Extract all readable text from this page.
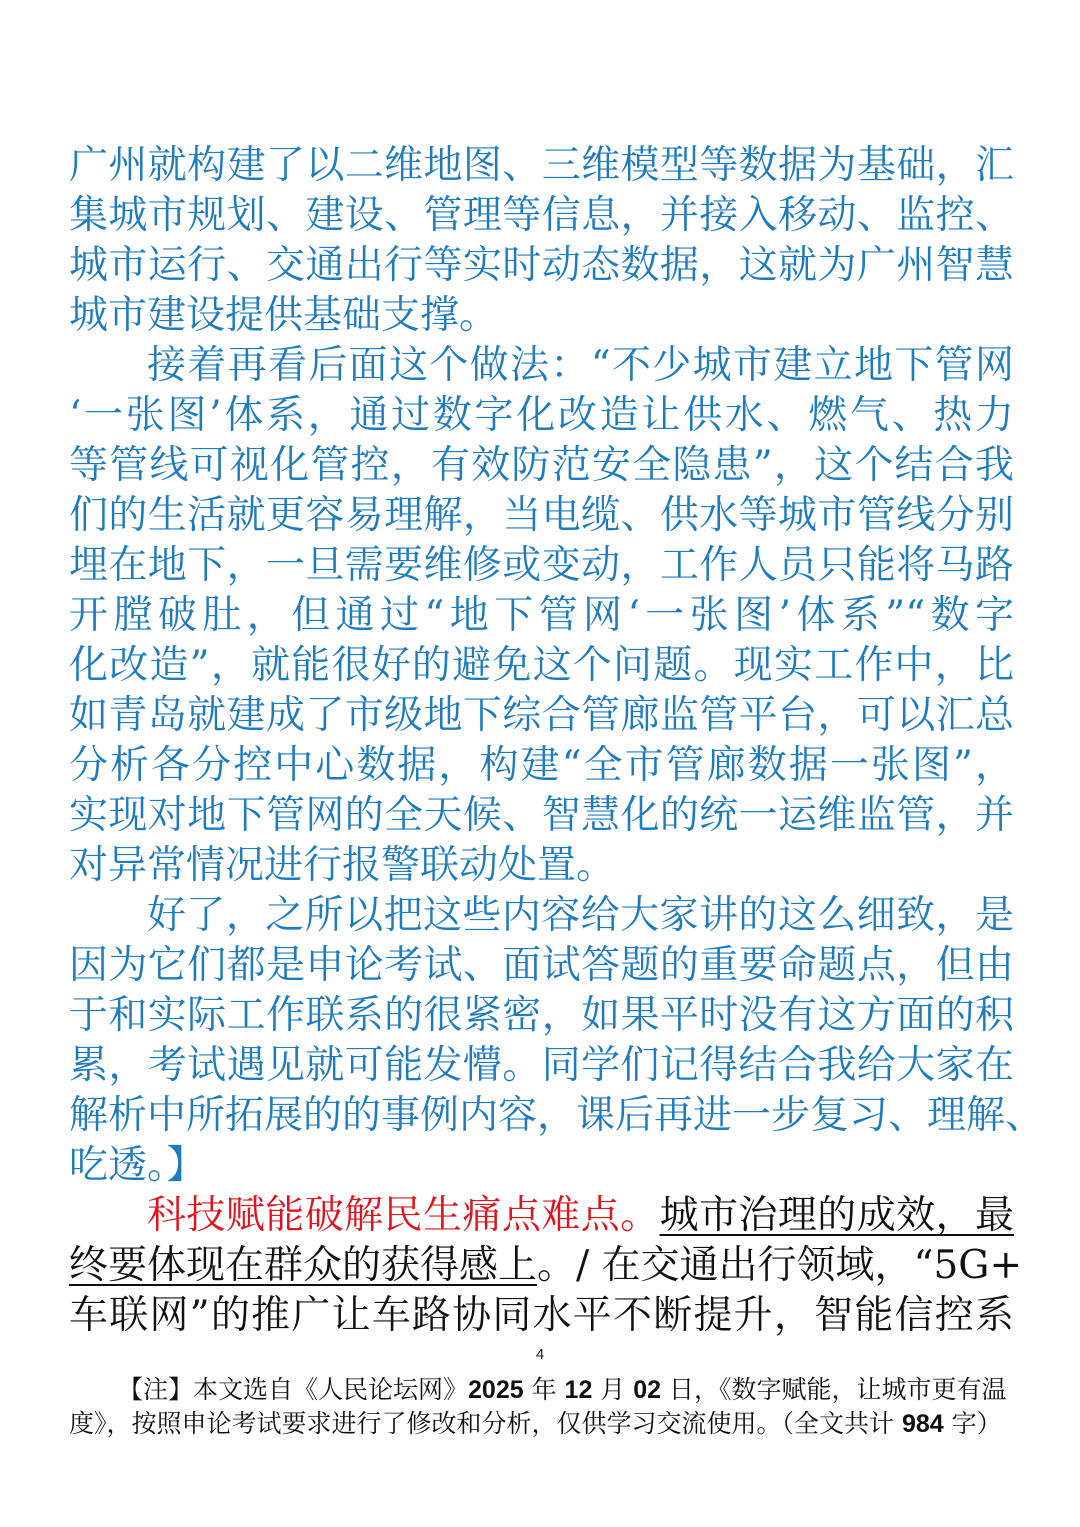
广州就构建了以二维地图、三维模型等数据为基础，汇
集城市规划、建设、管理等信息，并接入移动、监控、
城市运行、交通出行等实时动态数据，这就为广州智慧
城市建设提供基础支撑。
接着再看后面这个做法：“不少城市建立地下管网
‘一张图’体系，通过数字化改造让供水、燃气、热力
等管线可视化管控，有效防范安全隐患”，这个结合我
们的生活就更容易理解，当电缆、供水等城市管线分别
埋在地下，一旦需要维修或变动，工作人员只能将马路
开膛破肚，但通过“地下管网‘一张图’体系”“数字
化改造”，就能很好的避免这个问题。现实工作中，比
如青岛就建成了市级地下综合管廊监管平台，可以汇总
分析各分控中心数据，构建“全市管廊数据一张图”，
实现对地下管网的全天候、智慧化的统一运维监管，并
对异常情况进行报警联动处置。
好了，之所以把这些内容给大家讲的这么细致，是
因为它们都是申论考试、面试答题的重要命题点，但由
于和实际工作联系的很紧密，如果平时没有这方面的积
累，考试遇见就可能发懵。同学们记得结合我给大家在
解析中所拓展的的事例内容，课后再进一步复习、理解、
吃透。】
科技赋能破解民生痛点难点。城市治理的成效，最
终要体现在群众的获得感上。/ 在交通出行领域，“5G+
车联网”的推广让车路协同水平不断提升，智能信控系
4
【注】本文选自《人民论坛网》2025 年 12 月 02 日，《数字赋能，让城市更有温
度》，按照申论考试要求进行了修改和分析，仅供学习交流使用。（全文共计 984 字）
